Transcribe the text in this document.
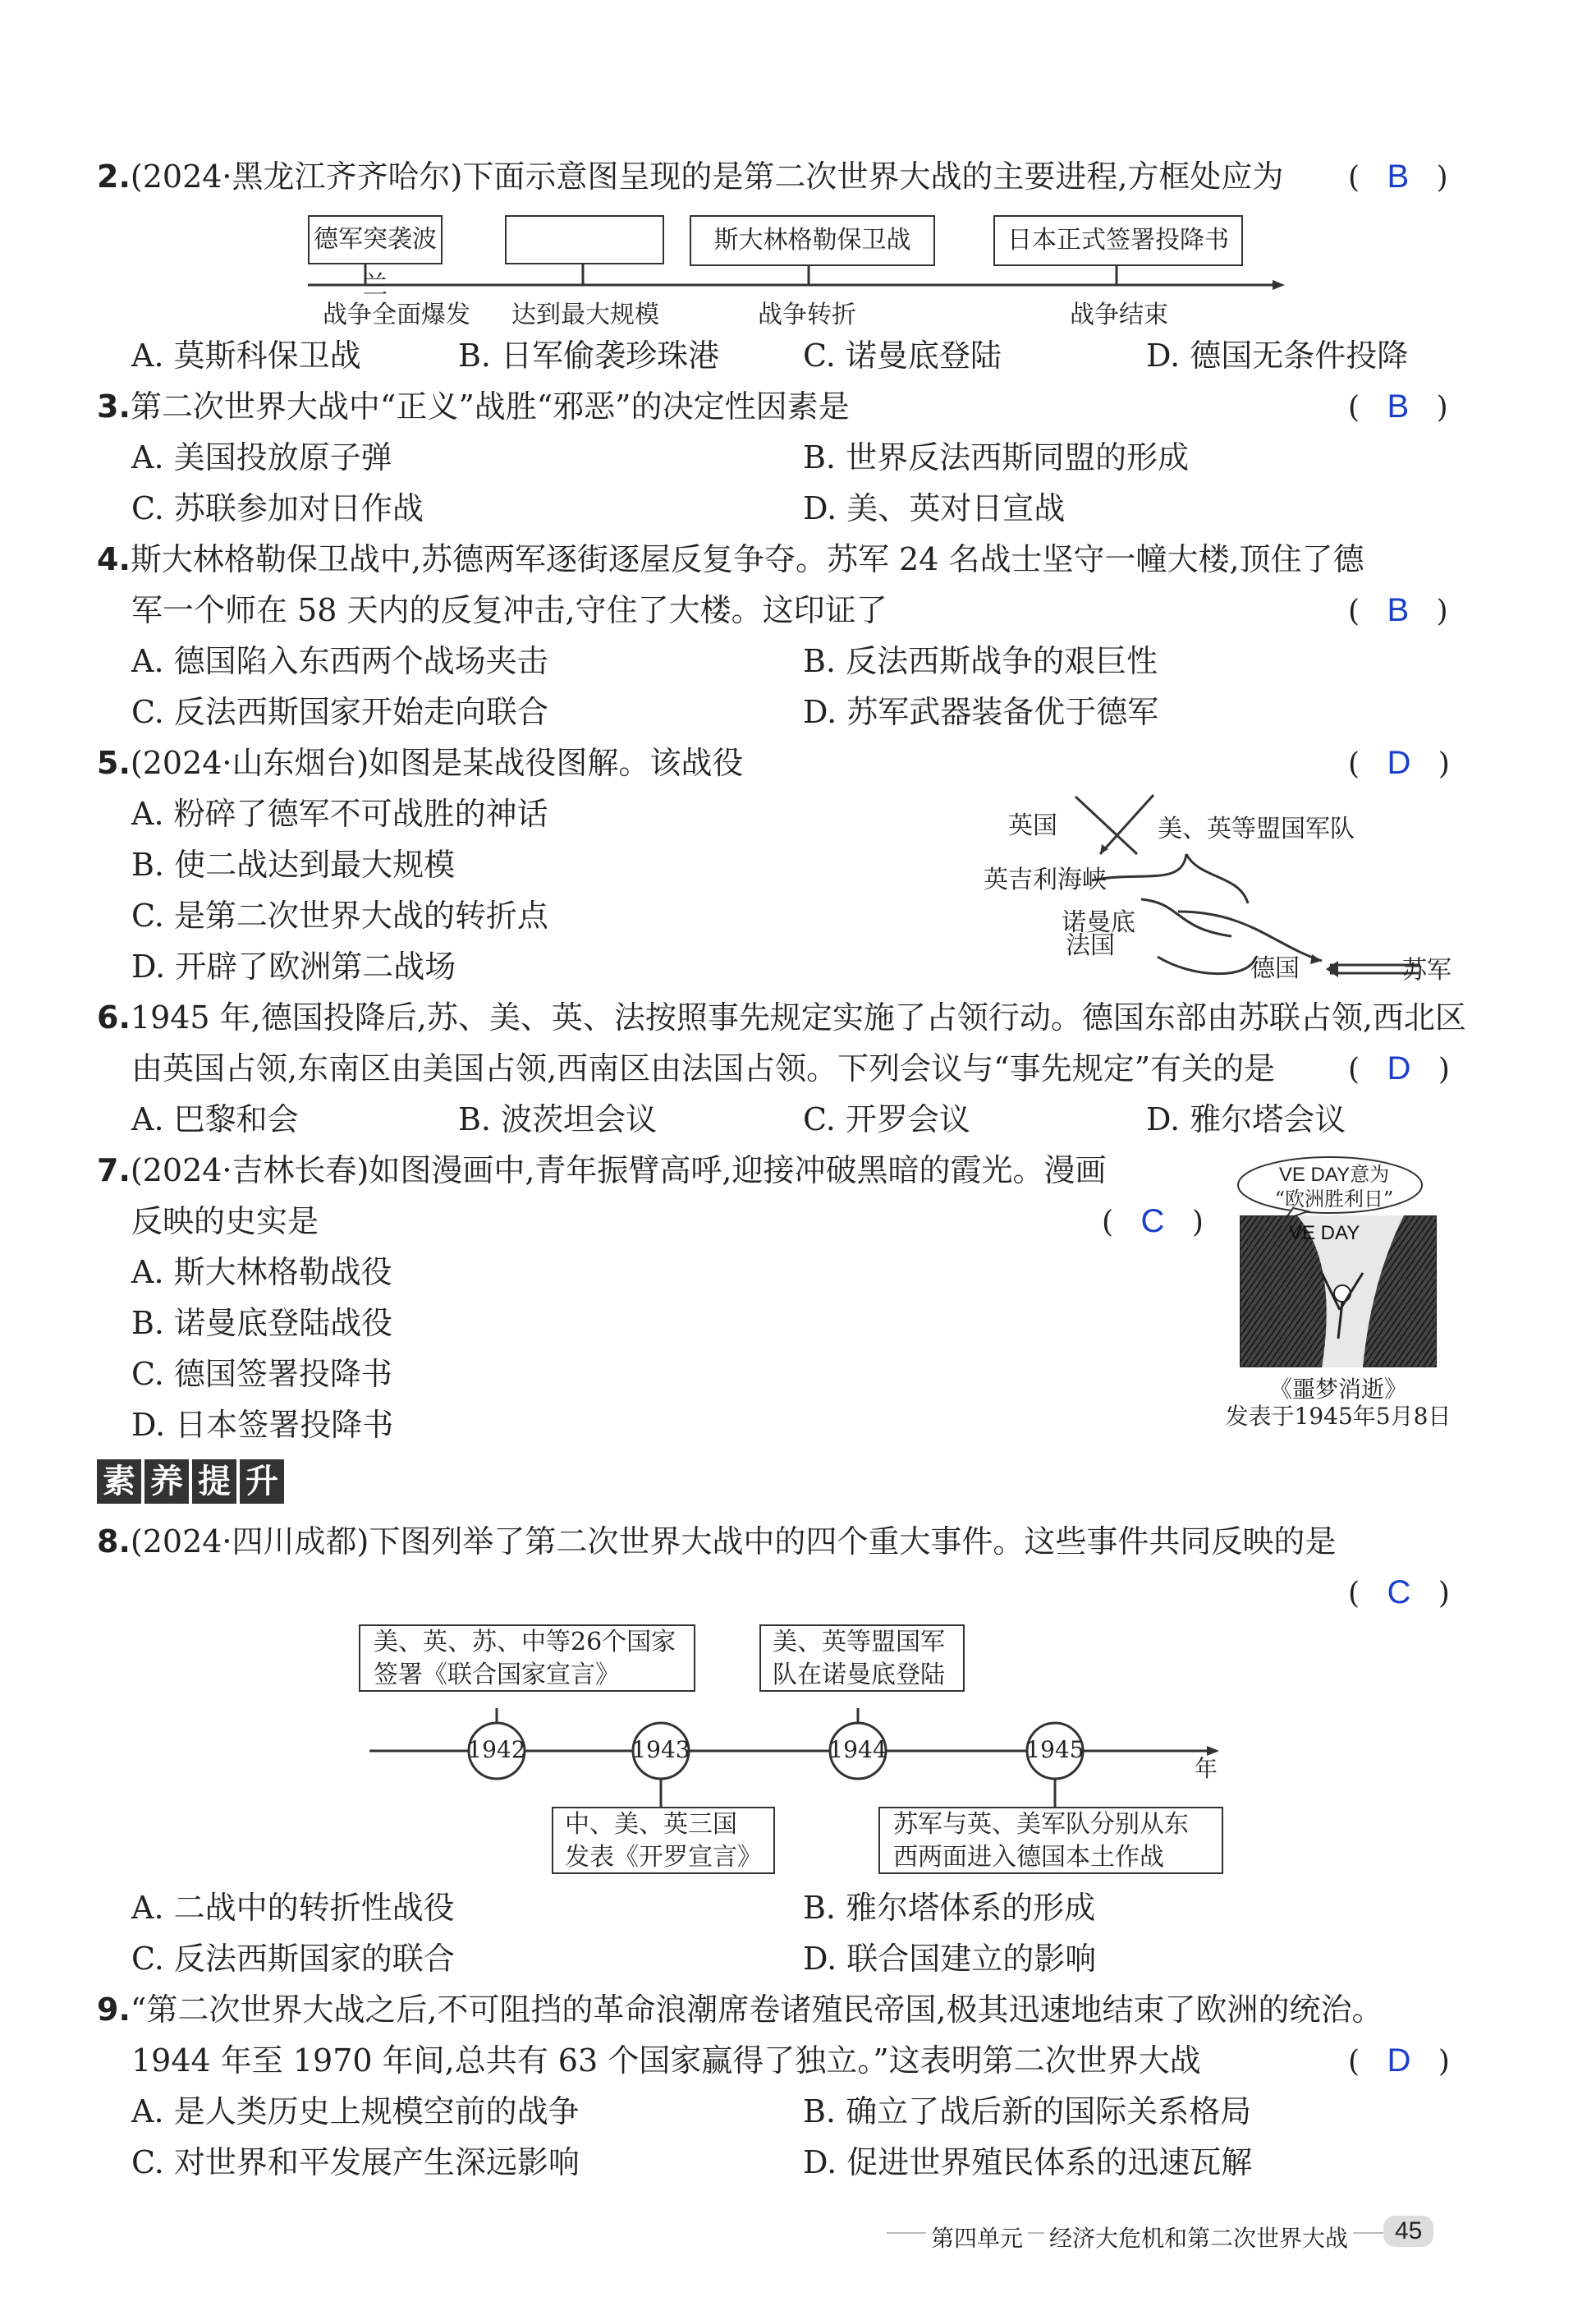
2.(2024·黑龙江齐齐哈尔)下面示意图呈现的是第二次世界大战的主要进程,方框处应为 ( B )
德军突袭波兰
斯大林格勒保卫战	日本正式签署投降书
战争全面爆发 达到最大规模	战争转折	战争结束
A. 莫斯科保卫战	B. 日军偷袭珍珠港	C. 诺曼底登陆	D. 德国无条件投降
3.第二次世界大战中“正义”战胜“邪恶”的决定性因素是	( B )
A. 美国投放原子弹	B. 世界反法西斯同盟的形成
C. 苏联参加对日作战	D. 美、英对日宣战
4.斯大林格勒保卫战中,苏德两军逐街逐屋反复争夺。苏军 24 名战士坚守一幢大楼,顶住了德
军一个师在 58 天内的反复冲击,守住了大楼。这印证了	( B )
A. 德国陷入东西两个战场夹击	B. 反法西斯战争的艰巨性
C. 反法西斯国家开始走向联合	D. 苏军武器装备优于德军
5.(2024·山东烟台)如图是某战役图解。该战役	( D )
A. 粉碎了德军不可战胜的神话
B. 使二战达到最大规模
C. 是第二次世界大战的转折点
D. 开辟了欧洲第二战场
英国	美、英等盟国军队
英吉利海峡
诺曼底
法国
德国	苏军
6.1945 年,德国投降后,苏、美、英、法按照事先规定实施了占领行动。德国东部由苏联占领,西北区
由英国占领,东南区由美国占领,西南区由法国占领。下列会议与“事先规定”有关的是 ( D )
A. 巴黎和会	B. 波茨坦会议	C. 开罗会议	D. 雅尔塔会议
7.(2024·吉林长春)如图漫画中,青年振臂高呼,迎接冲破黑暗的霞光。漫画
反映的史实是	( C )
A. 斯大林格勒战役
B. 诺曼底登陆战役
C. 德国签署投降书
D. 日本签署投降书
VE DAY意为
“欧洲胜利日”
VE DAY
《噩梦消逝》
发表于1945年5月8日
素 养 提 升
8.(2024·四川成都)下图列举了第二次世界大战中的四个重大事件。这些事件共同反映的是
( C )
1942	1943	1944	1945
年
美、英、苏、中等26个国家
签署《联合国家宣言》
美、英等盟国军
队在诺曼底登陆
中、美、英三国
发表《开罗宣言》
苏军与英、美军队分别从东
西两面进入德国本土作战
A. 二战中的转折性战役	B. 雅尔塔体系的形成
C. 反法西斯国家的联合	D. 联合国建立的影响
9.“第二次世界大战之后,不可阻挡的革命浪潮席卷诸殖民帝国,极其迅速地结束了欧洲的统治。
1944 年至 1970 年间,总共有 63 个国家赢得了独立。”这表明第二次世界大战	( D )
A. 是人类历史上规模空前的战争	B. 确立了战后新的国际关系格局
C. 对世界和平发展产生深远影响	D. 促进世界殖民体系的迅速瓦解
第四单元 经济大危机和第二次世界大战	45
